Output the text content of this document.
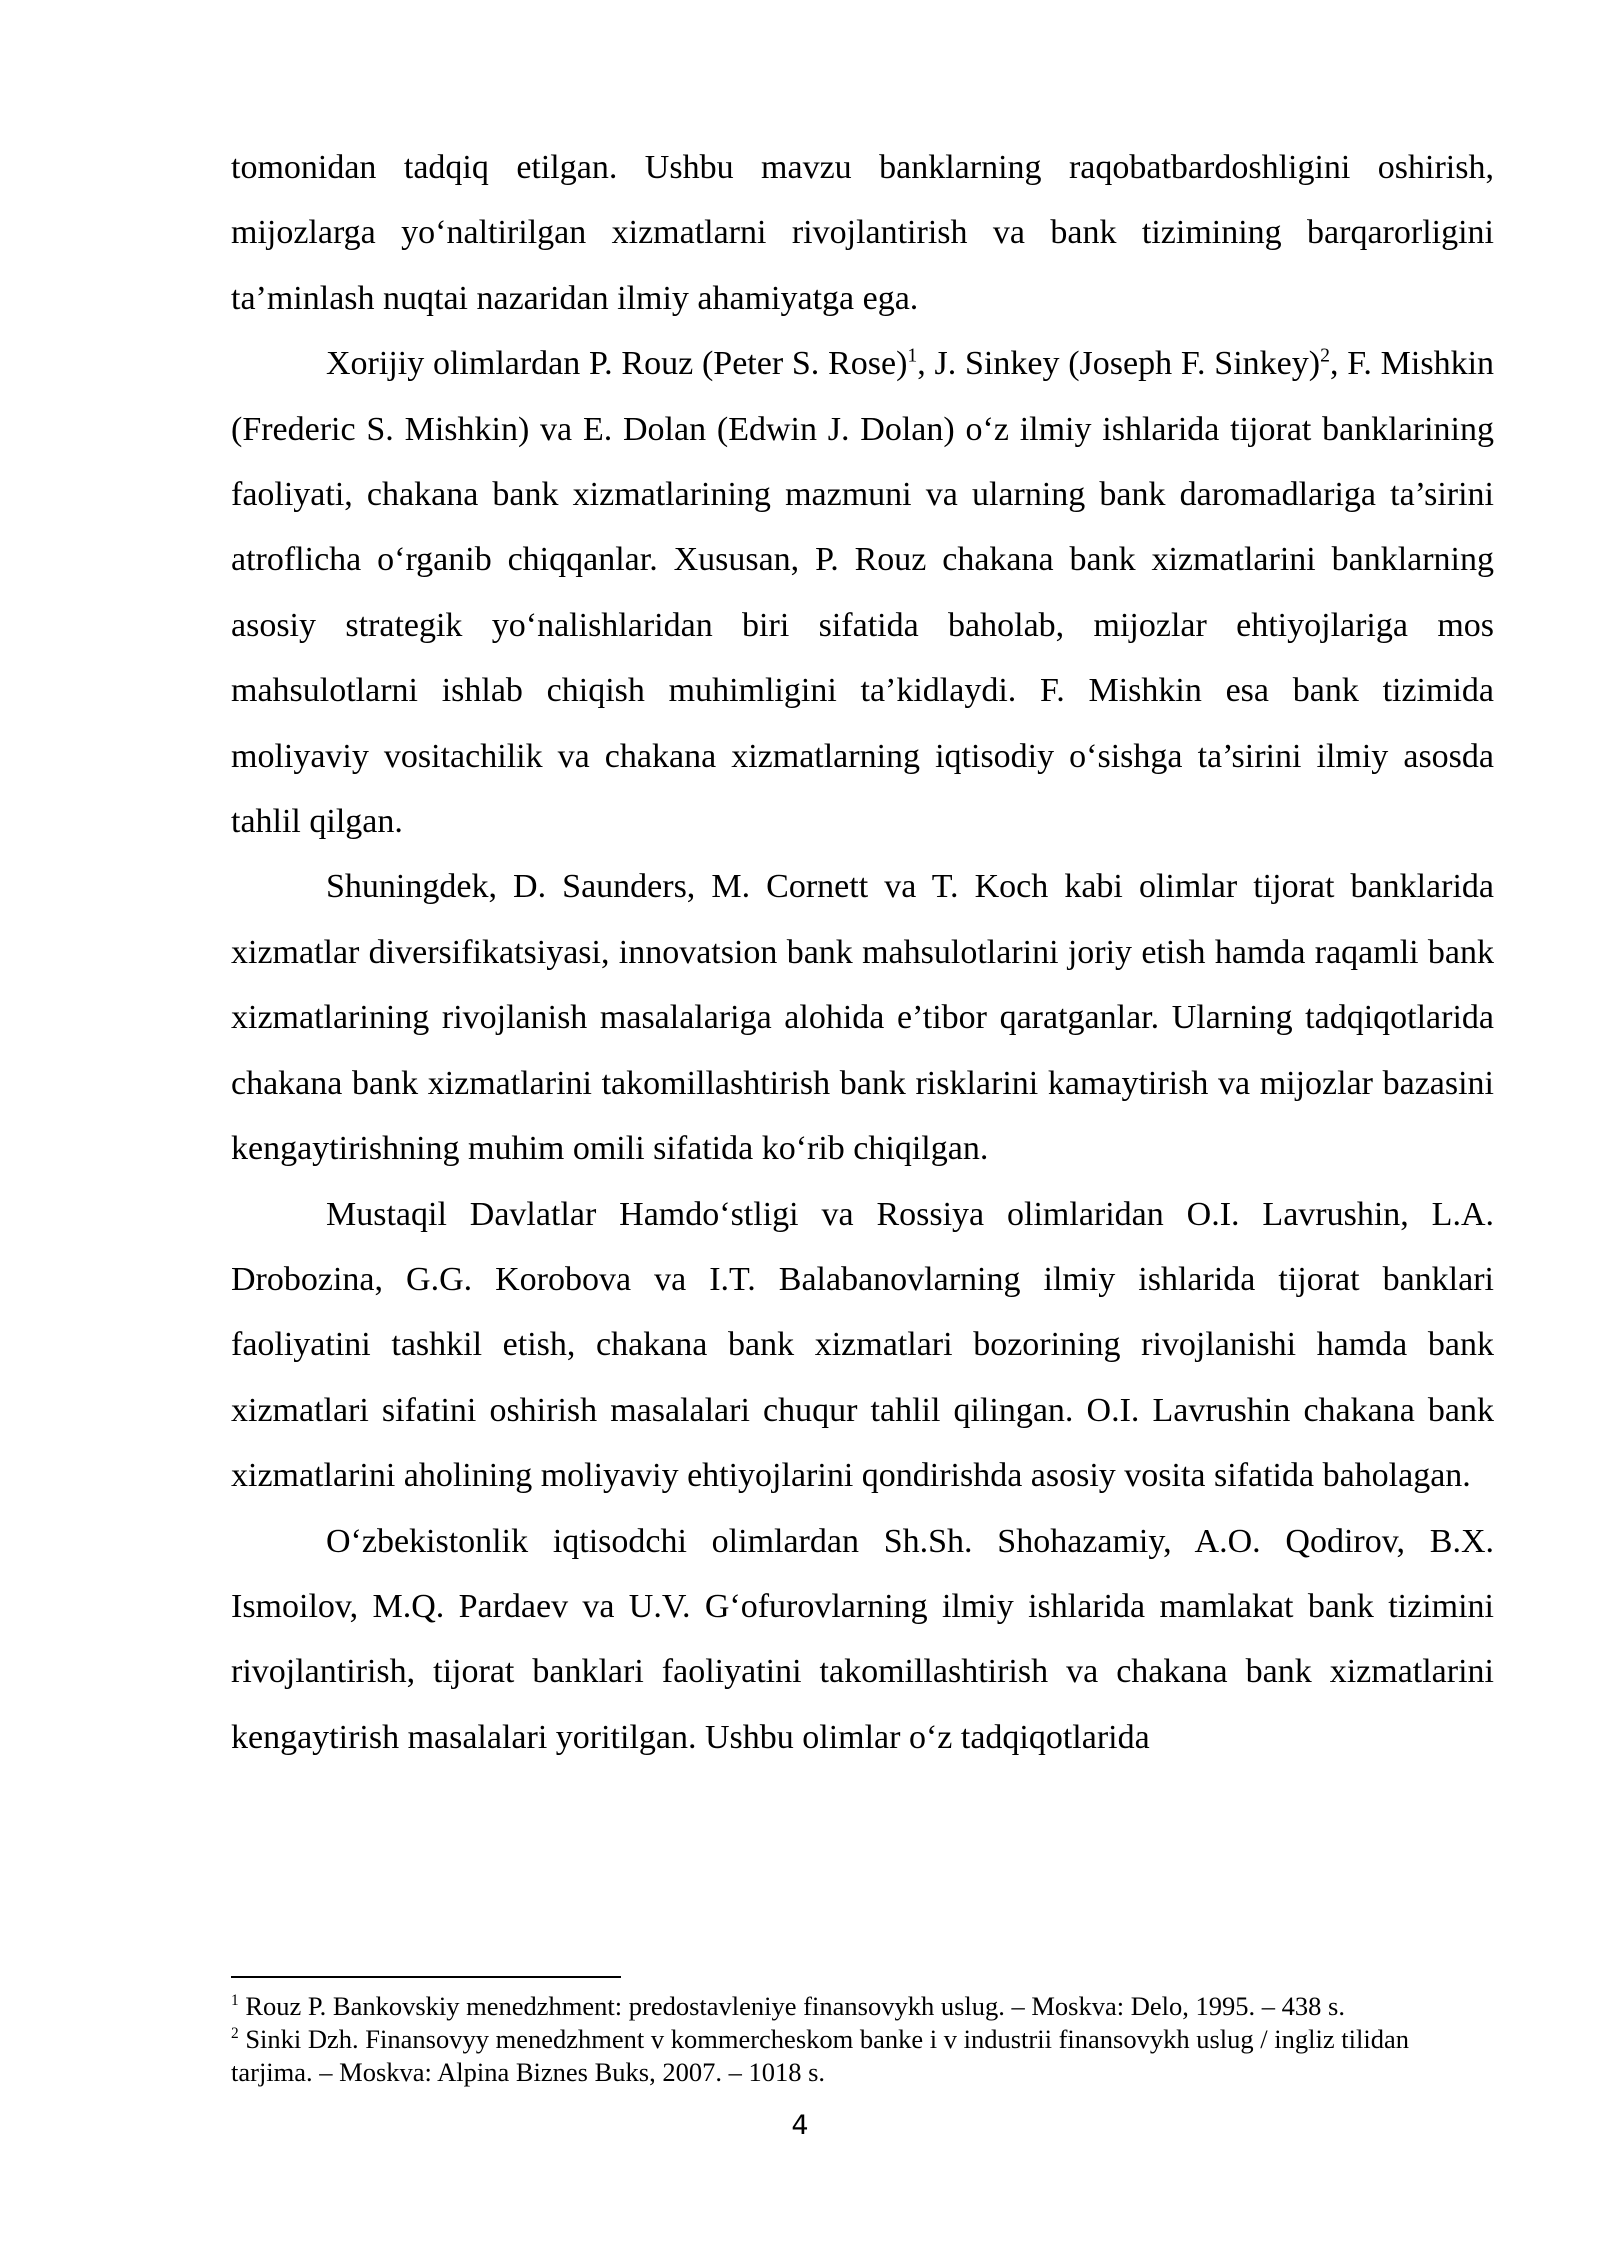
tomonidan tadqiq etilgan. Ushbu mavzu banklarning raqobatbardoshligini oshirish, mijozlarga yo‘naltirilgan xizmatlarni rivojlantirish va bank tizimining barqarorligini ta’minlash nuqtai nazaridan ilmiy ahamiyatga ega.

Xorijiy olimlardan P. Rouz (Peter S. Rose)$^1$, J. Sinkey (Joseph F. Sinkey)$^2$, F. Mishkin (Frederic S. Mishkin) va E. Dolan (Edwin J. Dolan) o‘z ilmiy ishlarida tijorat banklarining faoliyati, chakana bank xizmatlarining mazmuni va ularning bank daromadlariga ta’sirini atroflicha o‘rganib chiqqanlar. Xususan, P. Rouz chakana bank xizmatlarini banklarning asosiy strategik yo‘nalishlaridan biri sifatida baholab, mijozlar ehtiyojlariga mos mahsulotlarni ishlab chiqish muhimligini ta’kidlaydi. F. Mishkin esa bank tizimida moliyaviy vositachilik va chakana xizmatlarning iqtisodiy o‘sishga ta’sirini ilmiy asosda tahlil qilgan.

Shuningdek, D. Saunders, M. Cornett va T. Koch kabi olimlar tijorat banklarida xizmatlar diversifikatsiyasi, innovatsion bank mahsulotlarini joriy etish hamda raqamli bank xizmatlarining rivojlanish masalalariga alohida e’tibor qaratganlar. Ularning tadqiqotlarida chakana bank xizmatlarini takomillashtirish bank risklarini kamaytirish va mijozlar bazasini kengaytirishning muhim omili sifatida ko‘rib chiqilgan.

Mustaqil Davlatlar Hamdo‘stligi va Rossiya olimlaridan O.I. Lavrushin, L.A. Drobozina, G.G. Korobova va I.T. Balabanovlarning ilmiy ishlarida tijorat banklari faoliyatini tashkil etish, chakana bank xizmatlari bozorining rivojlanishi hamda bank xizmatlari sifatini oshirish masalalari chuqur tahlil qilingan. O.I. Lavrushin chakana bank xizmatlarini aholining moliyaviy ehtiyojlarini qondirishda asosiy vosita sifatida baholagan.

O‘zbekistonlik iqtisodchi olimlardan Sh.Sh. Shohazamiy, A.O. Qodirov, B.X. Ismoilov, M.Q. Pardaev va U.V. G‘ofurovlarning ilmiy ishlarida mamlakat bank tizimini rivojlantirish, tijorat banklari faoliyatini takomillashtirish va chakana bank xizmatlarini kengaytirish masalalari yoritilgan. Ushbu olimlar o‘z tadqiqotlarida

$^1$ Rouz P. Bankovskiy menedzhment: predostavleniye finansovykh uslug. – Moskva: Delo, 1995. – 438 s.

$^2$ Sinki Dzh. Finansovyy menedzhment v kommercheskom banke i v industrii finansovykh uslug / ingliz tilidan tarjima. – Moskva: Alpina Biznes Buks, 2007. – 1018 s.

4
